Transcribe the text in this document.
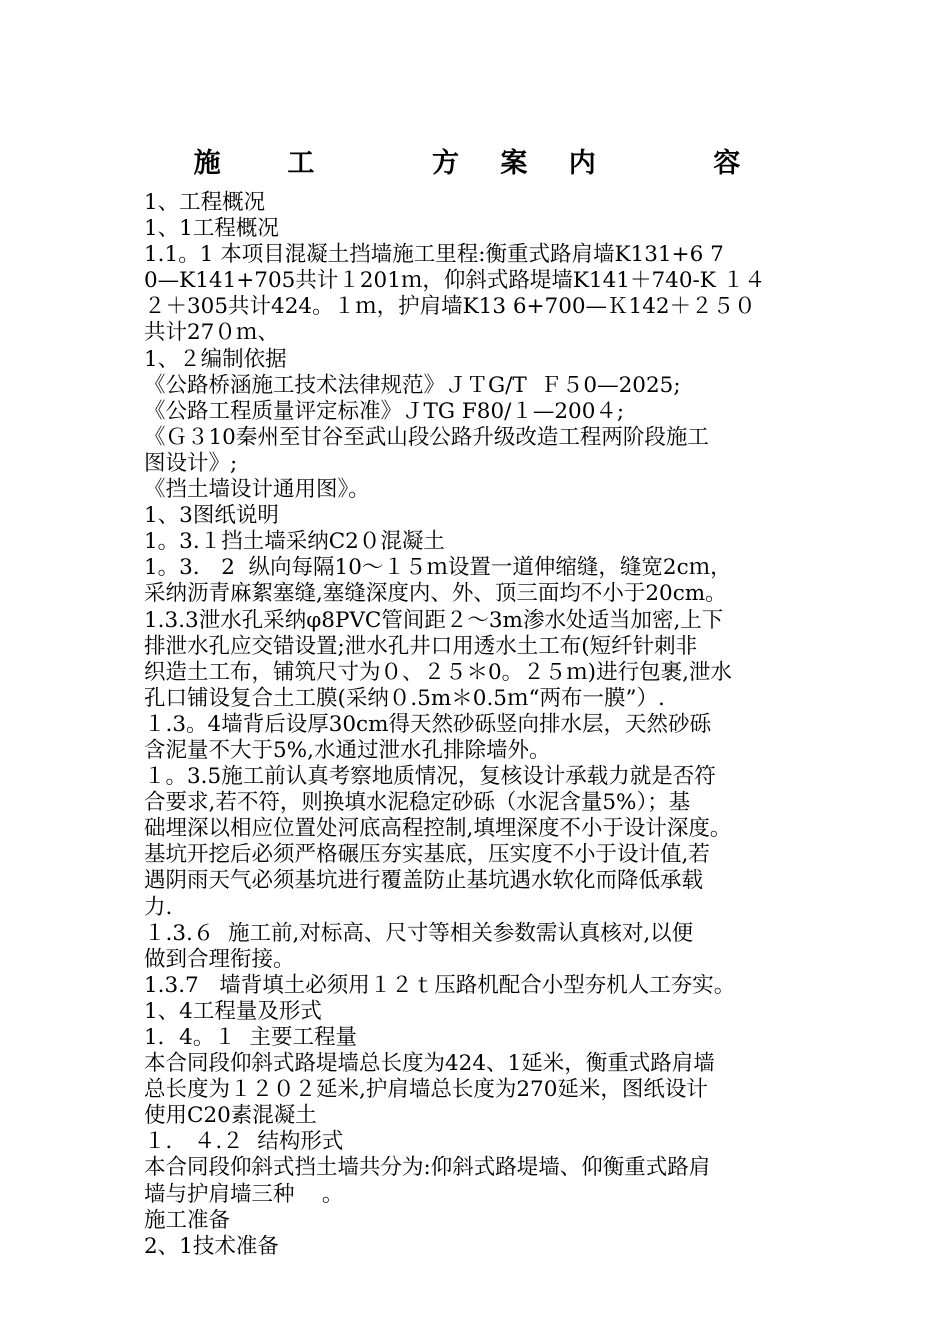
施  工    方 案 内    容
1、工程概况
1、1工程概况
1.1。1 本项目混凝土挡墙施工里程:衡重式路肩墙K131+6 7
0—K141+705共计１201ｍ，仰斜式路堤墙K141＋740-K １４
２＋305共计424。１ｍ，护肩墙K13 6+700—Ｋ142＋２５０
共计27０ｍ、
1、２编制依据
《公路桥涵施工技术法律规范》ＪＴG/T  Ｆ５0—2025;
《公路工程质量评定标准》ＪTG F80/１—200４;
《Ｇ３10秦州至甘谷至武山段公路升级改造工程两阶段施工
图设计》;
《挡土墙设计通用图》。
1、3图纸说明
1。3.１挡土墙采纳C2０混凝土
1。3． 2  纵向每隔10～１５ｍ设置一道伸缩缝，缝宽2cｍ，
采纳沥青麻絮塞缝,塞缝深度内、外、顶三面均不小于20cm。
1.3.3泄水孔采纳φ8PVC管间距２～3m渗水处适当加密,上下
排泄水孔应交错设置;泄水孔井口用透水土工布(短纤针刺非
织造土工布，铺筑尺寸为０、２５＊0。２５ｍ)进行包裹,泄水
孔口铺设复合土工膜(采纳０.5m＊0.5ｍ“两布一膜”）.
１.3。4墙背后设厚30cm得天然砂砾竖向排水层，天然砂砾
含泥量不大于5%,水通过泄水孔排除墙外。
１。3.5施工前认真考察地质情况，复核设计承载力就是否符
合要求,若不符，则换填水泥稳定砂砾（水泥含量5%）；基
础埋深以相应位置处河底高程控制,填埋深度不小于设计深度。
基坑开挖后必须严格碾压夯实基底，压实度不小于设计值,若
遇阴雨天气必须基坑进行覆盖防止基坑遇水软化而降低承载
力.
１.3.６  施工前,对标高、尺寸等相关参数需认真核对,以便
做到合理衔接。
1.3.7   墙背填土必须用１２ｔ压路机配合小型夯机人工夯实。
1、4工程量及形式
1．4。１  主要工程量
本合同段仰斜式路堤墙总长度为424、1延米，衡重式路肩墙
总长度为１２０２延米,护肩墙总长度为270延米，图纸设计
使用C20素混凝土
１． ４.２  结构形式
本合同段仰斜式挡土墙共分为:仰斜式路堤墙、仰衡重式路肩
墙与护肩墙三种    。
施工准备
2、1技术准备
